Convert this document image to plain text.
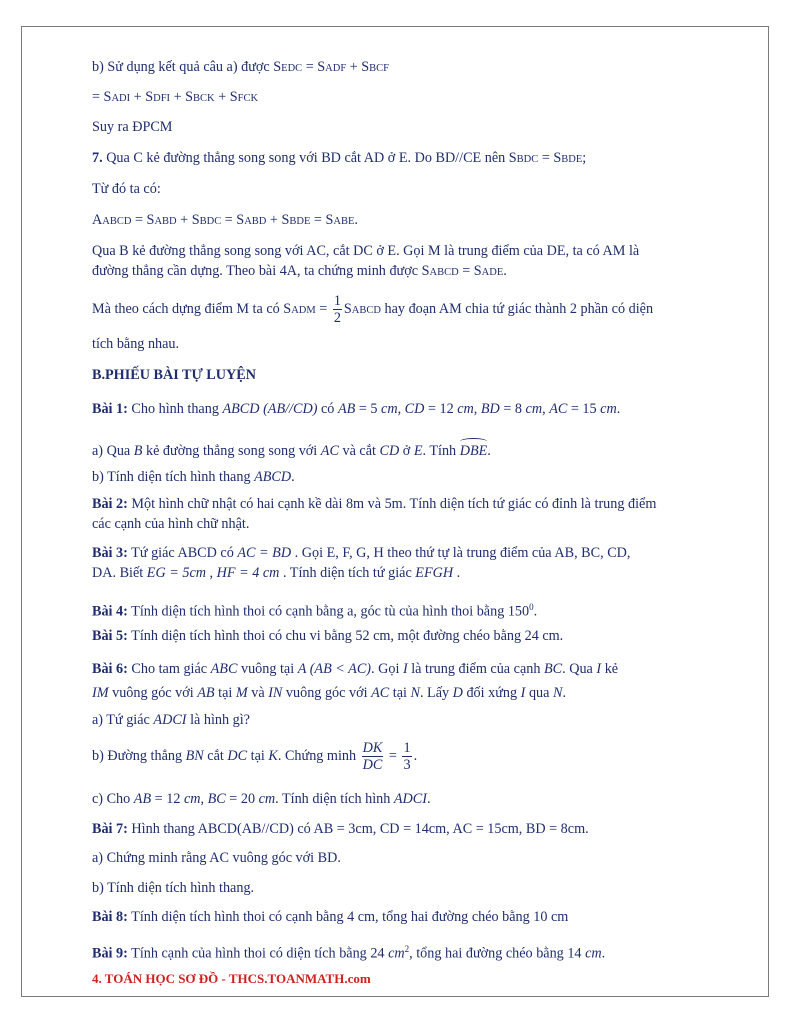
b) Sử dụng kết quả câu a) được SEDC = SADF + SBCF
= SADI + SDFI + SBCK + SFCK
Suy ra ĐPCM
7. Qua C kẻ đường thẳng song song với BD cắt AD ở E. Do BD//CE nên SBDC = SBDE;
Từ đó ta có:
AABCD = SABD + SBDC = SABD + SBDE = SABE.
Qua B kẻ đường thẳng song song với AC, cắt DC ở E. Gọi M là trung điểm của DE, ta có AM là
đường thẳng cần dựng. Theo bài 4A, ta chứng minh được SABCD = SADE.
Mà theo cách dựng điểm M ta có SADM = $\frac{1}{2}$ SABCD hay đoạn AM chia tứ giác thành 2 phần có diện
tích bằng nhau.
B.PHIẾU BÀI TỰ LUYỆN
Bài 1: Cho hình thang ABCD (AB//CD) có AB = 5 cm, CD = 12 cm, BD = 8 cm, AC = 15 cm.
a) Qua B kẻ đường thẳng song song với AC và cắt CD ở E. Tính DBE.
b) Tính diện tích hình thang ABCD.
Bài 2: Một hình chữ nhật có hai cạnh kề dài 8m và 5m. Tính diện tích tứ giác có đỉnh là trung điểm
các cạnh của hình chữ nhật.
Bài 3: Tứ giác ABCD có AC = BD . Gọi E, F, G, H theo thứ tự là trung điểm của AB, BC, CD,
DA. Biết EG = 5cm , HF = 4 cm . Tính diện tích tứ giác EFGH .
Bài 4: Tính diện tích hình thoi có cạnh bằng a, góc tù của hình thoi bằng $150^0$.
Bài 5: Tính diện tích hình thoi có chu vi bằng 52 cm, một đường chéo bằng 24 cm.
Bài 6: Cho tam giác ABC vuông tại A (AB < AC). Gọi I là trung điểm của cạnh BC. Qua I kẻ
IM vuông góc với AB tại M và IN vuông góc với AC tại N. Lấy D đối xứng I qua N.
a) Tứ giác ADCI là hình gì?
b) Đường thẳng BN cắt DC tại K. Chứng minh $\frac{DK}{DC} = \frac{1}{3}$ .
c) Cho AB = 12 cm, BC = 20 cm. Tính diện tích hình ADCI.
Bài 7: Hình thang ABCD(AB//CD) có AB = 3cm, CD = 14cm, AC = 15cm, BD = 8cm.
a) Chứng minh rằng AC vuông góc với BD.
b) Tính diện tích hình thang.
Bài 8: Tính diện tích hình thoi có cạnh bằng 4 cm, tổng hai đường chéo bằng 10 cm
Bài 9: Tính cạnh của hình thoi có diện tích bằng 24 $cm^2$, tổng hai đường chéo bằng 14 cm.
4. TOÁN HỌC SƠ ĐỒ - THCS.TOANMATH.com
